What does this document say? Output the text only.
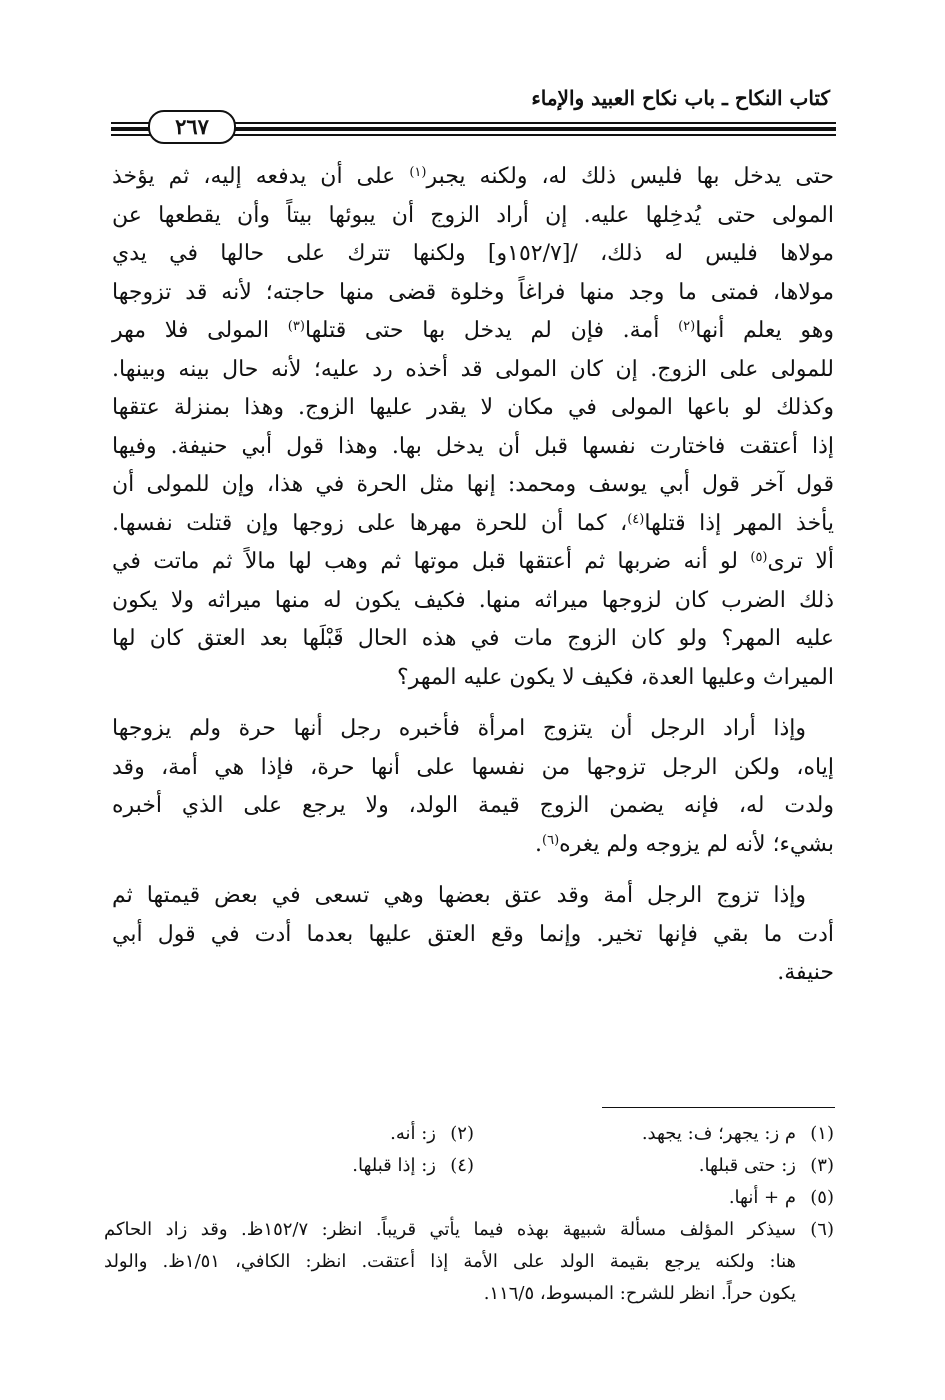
كتاب النكاح ـ باب نكاح العبيد والإماء
٢٦٧
حتى يدخل بها فليس ذلك له، ولكنه يجبر$^{(١)}$ على أن يدفعه إليه، ثم يؤخذ
المولى حتى يُدخِلها عليه. إن أراد الزوج أن يبوئها بيتاً وأن يقطعها عن
مولاها فليس له ذلك، /[١٥٢/٧و] ولكنها تترك على حالها في يدي
مولاها، فمتى ما وجد منها فراغاً وخلوة قضى منها حاجته؛ لأنه قد تزوجها
وهو يعلم أنها$^{(٢)}$ أمة. فإن لم يدخل بها حتى قتلها$^{(٣)}$ المولى فلا مهر
للمولى على الزوج. إن كان المولى قد أخذه رد عليه؛ لأنه حال بينه وبينها.
وكذلك لو باعها المولى في مكان لا يقدر عليها الزوج. وهذا بمنزلة عتقها
إذا أعتقت فاختارت نفسها قبل أن يدخل بها. وهذا قول أبي حنيفة. وفيها
قول آخر قول أبي يوسف ومحمد: إنها مثل الحرة في هذا، وإن للمولى أن
يأخذ المهر إذا قتلها$^{(٤)}$، كما أن للحرة مهرها على زوجها وإن قتلت نفسها.
ألا ترى$^{(٥)}$ لو أنه ضربها ثم أعتقها قبل موتها ثم وهب لها مالاً ثم ماتت في
ذلك الضرب كان لزوجها ميراثه منها. فكيف يكون له منها ميراثه ولا يكون
عليه المهر؟ ولو كان الزوج مات في هذه الحال قَبْلَها بعد العتق كان لها
الميراث وعليها العدة، فكيف لا يكون عليه المهر؟
وإذا أراد الرجل أن يتزوج امرأة فأخبره رجل أنها حرة ولم يزوجها
إياه، ولكن الرجل تزوجها من نفسها على أنها حرة، فإذا هي أمة، وقد
ولدت له، فإنه يضمن الزوج قيمة الولد، ولا يرجع على الذي أخبره
بشيء؛ لأنه لم يزوجه ولم يغره$^{(٦)}$.
وإذا تزوج الرجل أمة وقد عتق بعضها وهي تسعى في بعض قيمتها ثم
أدت ما بقي فإنها تخير. وإنما وقع العتق عليها بعدما أدت في قول أبي
حنيفة.
(١)
م ز: يجهر؛ ف: يجهد.
(٢)
ز: أنه.
(٣)
ز: حتى قبلها.
(٤)
ز: إذا قبلها.
(٥)
م + أنها.
(٦)
سيذكر المؤلف مسألة شبيهة بهذه فيما يأتي قريباً. انظر: ١٥٢/٧ظ. وقد زاد الحاكم
هنا: ولكنه يرجع بقيمة الولد على الأمة إذا أعتقت. انظر: الكافي، ١/٥١ظ. والولد
يكون حراً. انظر للشرح: المبسوط، ١١٦/٥.
